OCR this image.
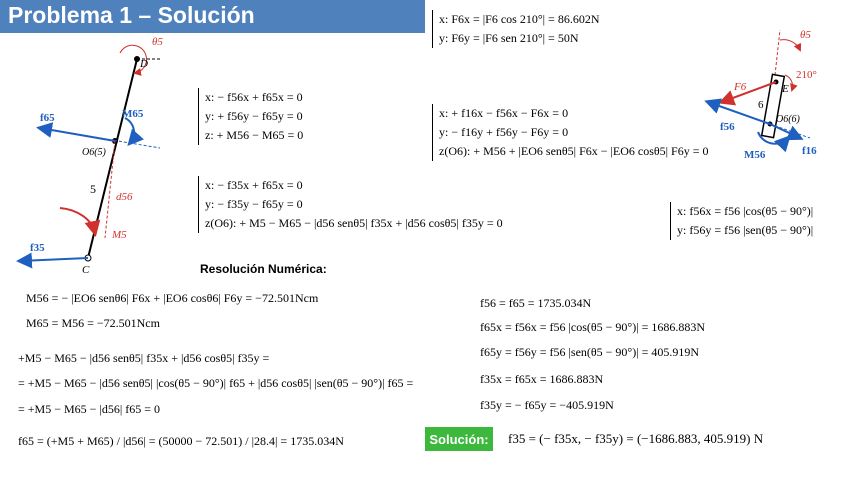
Problema 1 – Solución
D
C
θ5
f65	M65
O6(5)
5
d56
M5
f35
x: − f56x + f65x = 0
y: + f56y − f65y = 0
z: + M56 − M65 = 0
x: − f35x + f65x = 0
y: − f35y − f65y = 0
z(O6): + M5 − M65 − |d56 senθ5| f35x + |d56 cosθ5| f35y = 0
x: F6x = |F6 cos 210°| = 86.602N
y: F6y = |F6 sen 210°| = 50N
x: + f16x − f56x − F6x = 0
y: − f16y + f56y − F6y = 0
z(O6): + M56 + |EO6 senθ5| F6x − |EO6 cosθ5| F6y = 0
x: f56x = f56 |cos(θ5 − 90°)|
y: f56y = f56 |sen(θ5 − 90°)|
θ5
210°
F6	E
6
f56
O6(6)
M56	f16
Resolución Numérica:
M56 = − |EO6 senθ6| F6x + |EO6 cosθ6| F6y = −72.501Ncm
M65 = M56 = −72.501Ncm
+M5 − M65 − |d56 senθ5| f35x + |d56 cosθ5| f35y =
= +M5 − M65 − |d56 senθ5| |cos(θ5 − 90°)| f65 + |d56 cosθ5| |sen(θ5 − 90°)| f65 =
= +M5 − M65 − |d56| f65 = 0
f65 = (+M5 + M65) / |d56| = (50000 − 72.501) / |28.4| = 1735.034N
f56 = f65 = 1735.034N
f65x = f56x = f56 |cos(θ5 − 90°)| = 1686.883N
f65y = f56y = f56 |sen(θ5 − 90°)| = 405.919N
f35x = f65x = 1686.883N
f35y = − f65y = −405.919N
Solución:	f35 = (− f35x, − f35y) = (−1686.883, 405.919) N
